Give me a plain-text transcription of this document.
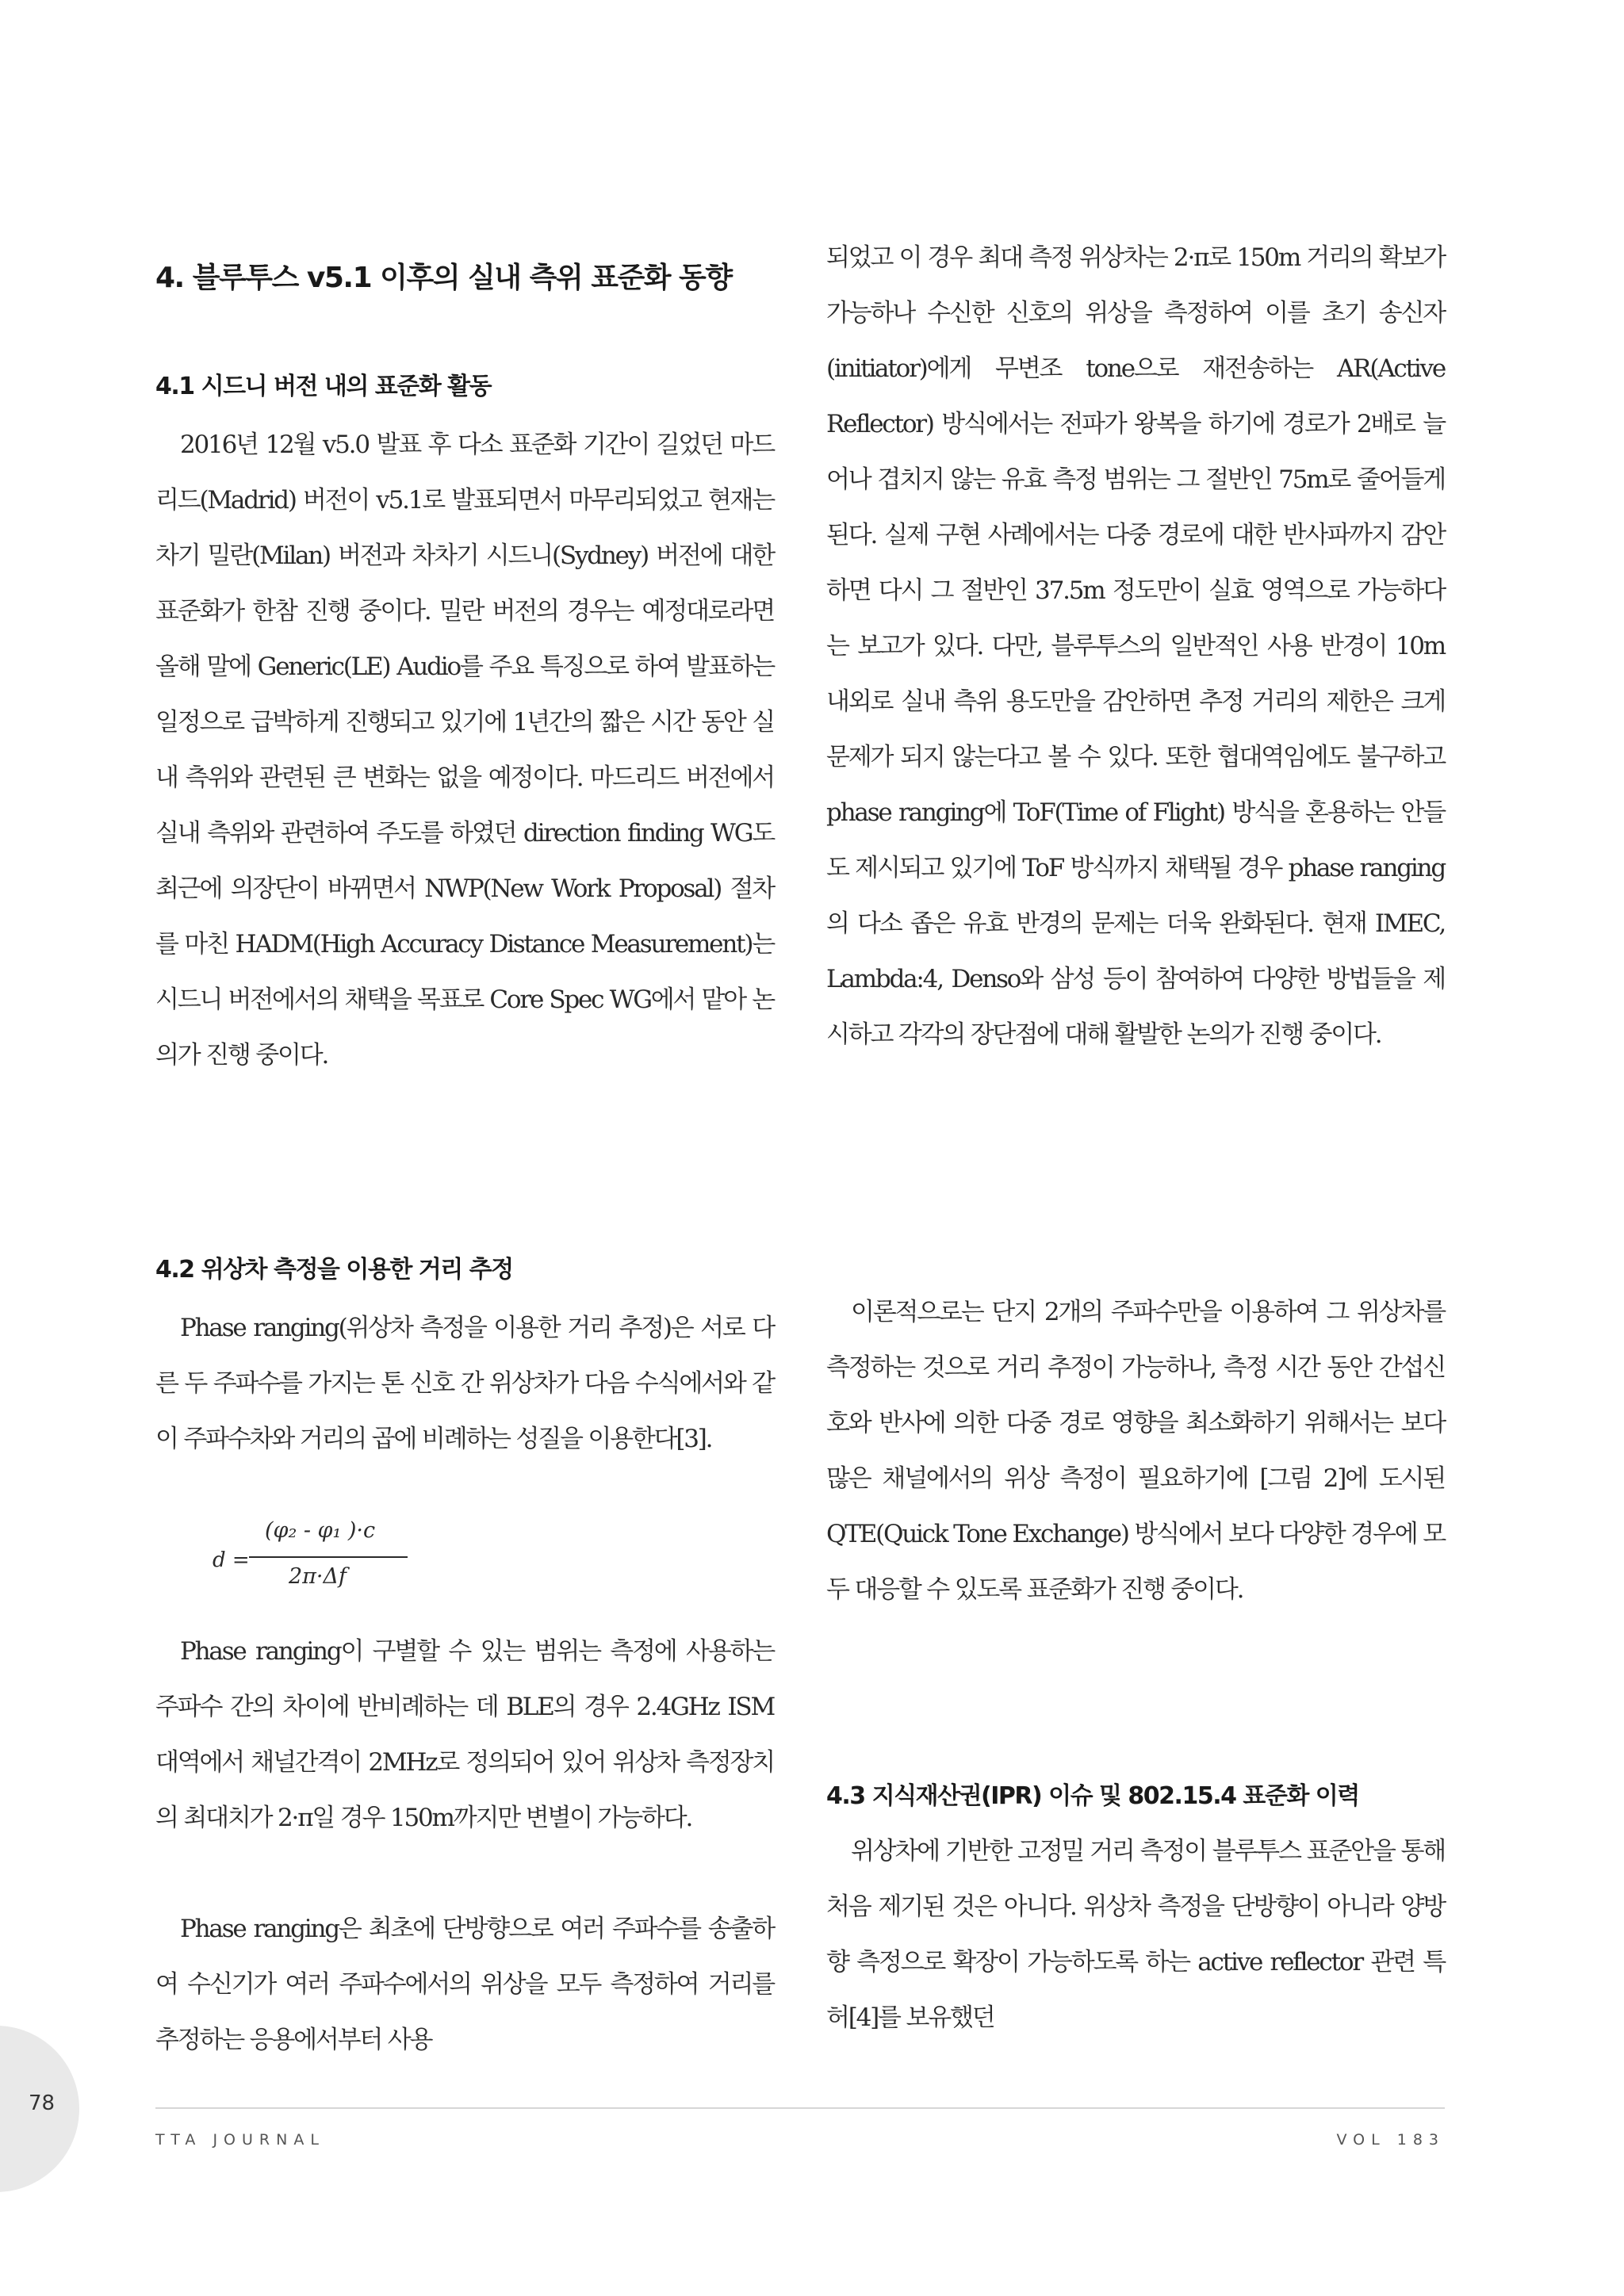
4. 블루투스 v5.1 이후의 실내 측위 표준화 동향
4.1 시드니 버전 내의 표준화 활동
2016년 12월 v5.0 발표 후 다소 표준화 기간이 길었던 마드리드(Madrid) 버전이 v5.1로 발표되면서 마무리되었고 현재는 차기 밀란(Milan) 버전과 차차기 시드니(Sydney) 버전에 대한 표준화가 한참 진행 중이다. 밀란 버전의 경우는 예정대로라면 올해 말에 Generic(LE) Audio를 주요 특징으로 하여 발표하는 일정으로 급박하게 진행되고 있기에 1년간의 짧은 시간 동안 실내 측위와 관련된 큰 변화는 없을 예정이다. 마드리드 버전에서 실내 측위와 관련하여 주도를 하였던 direction finding WG도 최근에 의장단이 바뀌면서 NWP(New Work Proposal) 절차를 마친 HADM(High Accuracy Distance Measurement)는 시드니 버전에서의 채택을 목표로 Core Spec WG에서 맡아 논의가 진행 중이다.
4.2 위상차 측정을 이용한 거리 추정
Phase ranging(위상차 측정을 이용한 거리 추정)은 서로 다른 두 주파수를 가지는 톤 신호 간 위상차가 다음 수식에서와 같이 주파수차와 거리의 곱에 비례하는 성질을 이용한다[3].
Phase ranging이 구별할 수 있는 범위는 측정에 사용하는 주파수 간의 차이에 반비례하는 데 BLE의 경우 2.4GHz ISM 대역에서 채널간격이 2MHz로 정의되어 있어 위상차 측정장치의 최대치가 2·π일 경우 150m까지만 변별이 가능하다.
Phase ranging은 최초에 단방향으로 여러 주파수를 송출하여 수신기가 여러 주파수에서의 위상을 모두 측정하여 거리를 추정하는 응용에서부터 사용
d =
(φ₂ - φ₁ )·c
2π·Δf
되었고 이 경우 최대 측정 위상차는 2·π로 150m 거리의 확보가 가능하나 수신한 신호의 위상을 측정하여 이를 초기 송신자(initiator)에게 무변조 tone으로 재전송하는 AR(Active Reflector) 방식에서는 전파가 왕복을 하기에 경로가 2배로 늘어나 겹치지 않는 유효 측정 범위는 그 절반인 75m로 줄어들게 된다. 실제 구현 사례에서는 다중 경로에 대한 반사파까지 감안하면 다시 그 절반인 37.5m 정도만이 실효 영역으로 가능하다는 보고가 있다. 다만, 블루투스의 일반적인 사용 반경이 10m 내외로 실내 측위 용도만을 감안하면 추정 거리의 제한은 크게 문제가 되지 않는다고 볼 수 있다. 또한 협대역임에도 불구하고 phase ranging에 ToF(Time of Flight) 방식을 혼용하는 안들도 제시되고 있기에 ToF 방식까지 채택될 경우 phase ranging의 다소 좁은 유효 반경의 문제는 더욱 완화된다. 현재 IMEC, Lambda:4, Denso와 삼성 등이 참여하여 다양한 방법들을 제시하고 각각의 장단점에 대해 활발한 논의가 진행 중이다.
이론적으로는 단지 2개의 주파수만을 이용하여 그 위상차를 측정하는 것으로 거리 추정이 가능하나, 측정 시간 동안 간섭신호와 반사에 의한 다중 경로 영향을 최소화하기 위해서는 보다 많은 채널에서의 위상 측정이 필요하기에 [그림 2]에 도시된 QTE(Quick Tone Exchange) 방식에서 보다 다양한 경우에 모두 대응할 수 있도록 표준화가 진행 중이다.
4.3 지식재산권(IPR) 이슈 및 802.15.4 표준화 이력
위상차에 기반한 고정밀 거리 측정이 블루투스 표준안을 통해 처음 제기된 것은 아니다. 위상차 측정을 단방향이 아니라 양방향 측정으로 확장이 가능하도록 하는 active reflector 관련 특허[4]를 보유했던
78
TTA JOURNAL	VOL 183
